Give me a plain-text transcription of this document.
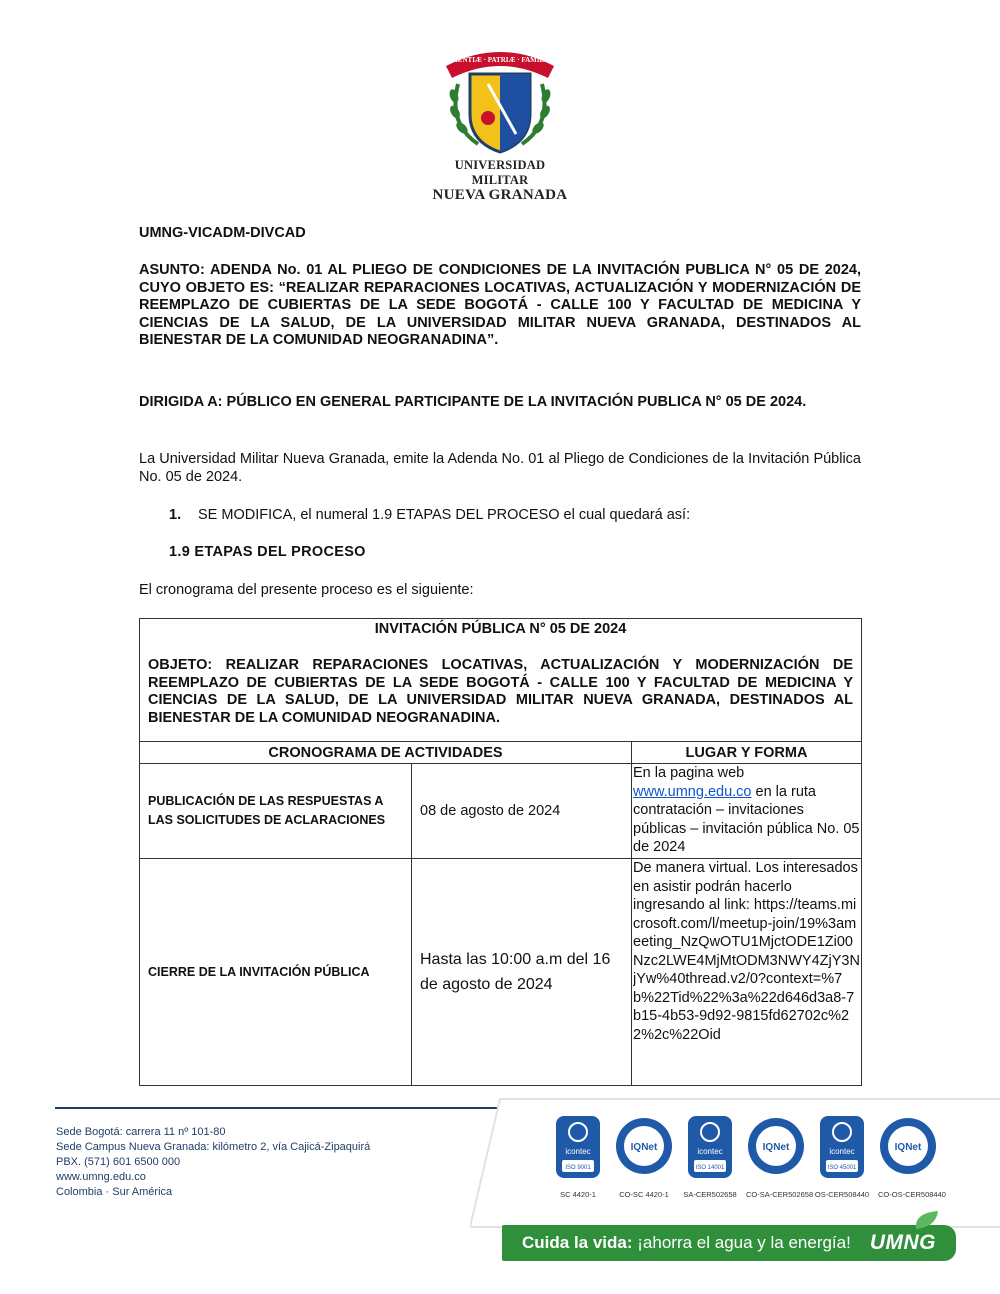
SCIENTIÆ · PATRIÆ · FAMILIÆ
UNIVERSIDAD MILITAR
NUEVA GRANADA
UMNG-VICADM-DIVCAD
ASUNTO: ADENDA No. 01 AL PLIEGO DE CONDICIONES DE LA INVITACIÓN PUBLICA N° 05 DE 2024, CUYO OBJETO ES: “REALIZAR REPARACIONES LOCATIVAS, ACTUALIZACIÓN Y MODERNIZACIÓN DE REEMPLAZO DE CUBIERTAS DE LA SEDE BOGOTÁ - CALLE 100 Y FACULTAD DE MEDICINA Y CIENCIAS DE LA SALUD, DE LA UNIVERSIDAD MILITAR NUEVA GRANADA, DESTINADOS AL BIENESTAR DE LA COMUNIDAD NEOGRANADINA”.
DIRIGIDA A: PÚBLICO EN GENERAL PARTICIPANTE DE LA INVITACIÓN PUBLICA N° 05 DE 2024.
La Universidad Militar Nueva Granada, emite la Adenda No. 01 al Pliego de Condiciones de la Invitación Pública No. 05 de 2024.
1. SE MODIFICA, el numeral 1.9 ETAPAS DEL PROCESO el cual quedará así:
1.9 ETAPAS DEL PROCESO
El cronograma del presente proceso es el siguiente:
INVITACIÓN PÚBLICA N° 05 DE 2024
OBJETO: REALIZAR REPARACIONES LOCATIVAS, ACTUALIZACIÓN Y MODERNIZACIÓN DE REEMPLAZO DE CUBIERTAS DE LA SEDE BOGOTÁ - CALLE 100 Y FACULTAD DE MEDICINA Y CIENCIAS DE LA SALUD, DE LA UNIVERSIDAD MILITAR NUEVA GRANADA, DESTINADOS AL BIENESTAR DE LA COMUNIDAD NEOGRANADINA.		

CRONOGRAMA DE ACTIVIDADES		LUGAR Y FORMA
PUBLICACIÓN DE LAS RESPUESTAS A LAS SOLICITUDES DE ACLARACIONES	08 de agosto de 2024	En la pagina web
www.umng.edu.co en la ruta contratación – invitaciones públicas – invitación pública No. 05 de 2024
CIERRE DE LA INVITACIÓN PÚBLICA	Hasta las 10:00 a.m del 16 de agosto de 2024	De manera virtual. Los interesados en asistir podrán hacerlo ingresando al link: https://teams.microsoft.com/l/meetup-join/19%3ameeting_NzQwOTU1MjctODE1Zi00Nzc2LWE4MjMtODM3NWY4ZjY3NjYw%40thread.v2/0?context=%7b%22Tid%22%3a%22d646d3a8-7b15-4b53-9d92-9815fd62702c%22%2c%22Oid
Sede Bogotá: carrera 11 nº 101-80
Sede Campus Nueva Granada: kilómetro 2, vía Cajicá-Zipaquirá
PBX. (571) 601 6500 000
www.umng.edu.co
Colombia · Sur América
icontec
ISO 9001
SC 4420-1
IQNet
CO-SC 4420-1
icontec
ISO 14001
SA-CER502658
IQNet
CO-SA-CER502658
icontec
ISO 45001
OS-CER508440
IQNet
CO-OS-CER508440
Cuida la vida: ¡ahorra el agua y la energía! UMNG
